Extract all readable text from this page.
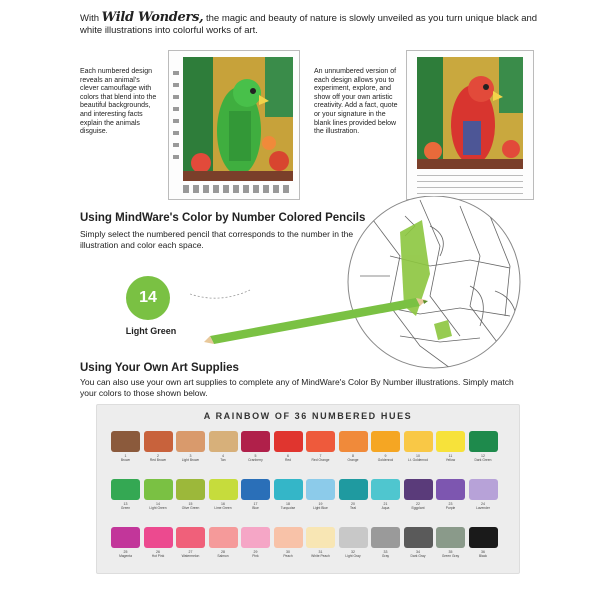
With Wild Wonders, the magic and beauty of nature is slowly unveiled as you turn unique black and white illustrations into colorful works of art.
Each numbered design reveals an animal's clever camouflage with colors that blend into the beautiful backgrounds, and interesting facts explain the animals disguise.
An unnumbered version of each design allows you to experiment, explore, and show off your own artistic creativity. Add a fact, quote or your signature in the blank lines provided below the illustration.
Using MindWare's Color by Number Colored Pencils
Simply select the numbered pencil that corresponds to the number in the illustration and color each space.
14
Light Green
Using Your Own Art Supplies
You can also use your own art supplies to complete any of MindWare's Color By Number illustrations. Simply match your colors to those shown below.
A RAINBOW OF 36 NUMBERED HUES
1
Brown
2
Red Brown
3
Light Brown
4
Tan
5
Cranberry
6
Red
7
Red Orange
8
Orange
9
Goldenrod
10
Lt. Goldenrod
11
Yellow
12
Dark Green
13
Green
14
Light Green
15
Olive Green
16
Lime Green
17
Blue
18
Turquoise
19
Light Blue
20
Teal
21
Aqua
22
Eggplant
23
Purple
24
Lavender
25
Magenta
26
Hot Pink
27
Watermelon
28
Salmon
29
Pink
30
Peach
31
White Peach
32
Light Gray
33
Gray
34
Dark Gray
35
Green Gray
36
Black
